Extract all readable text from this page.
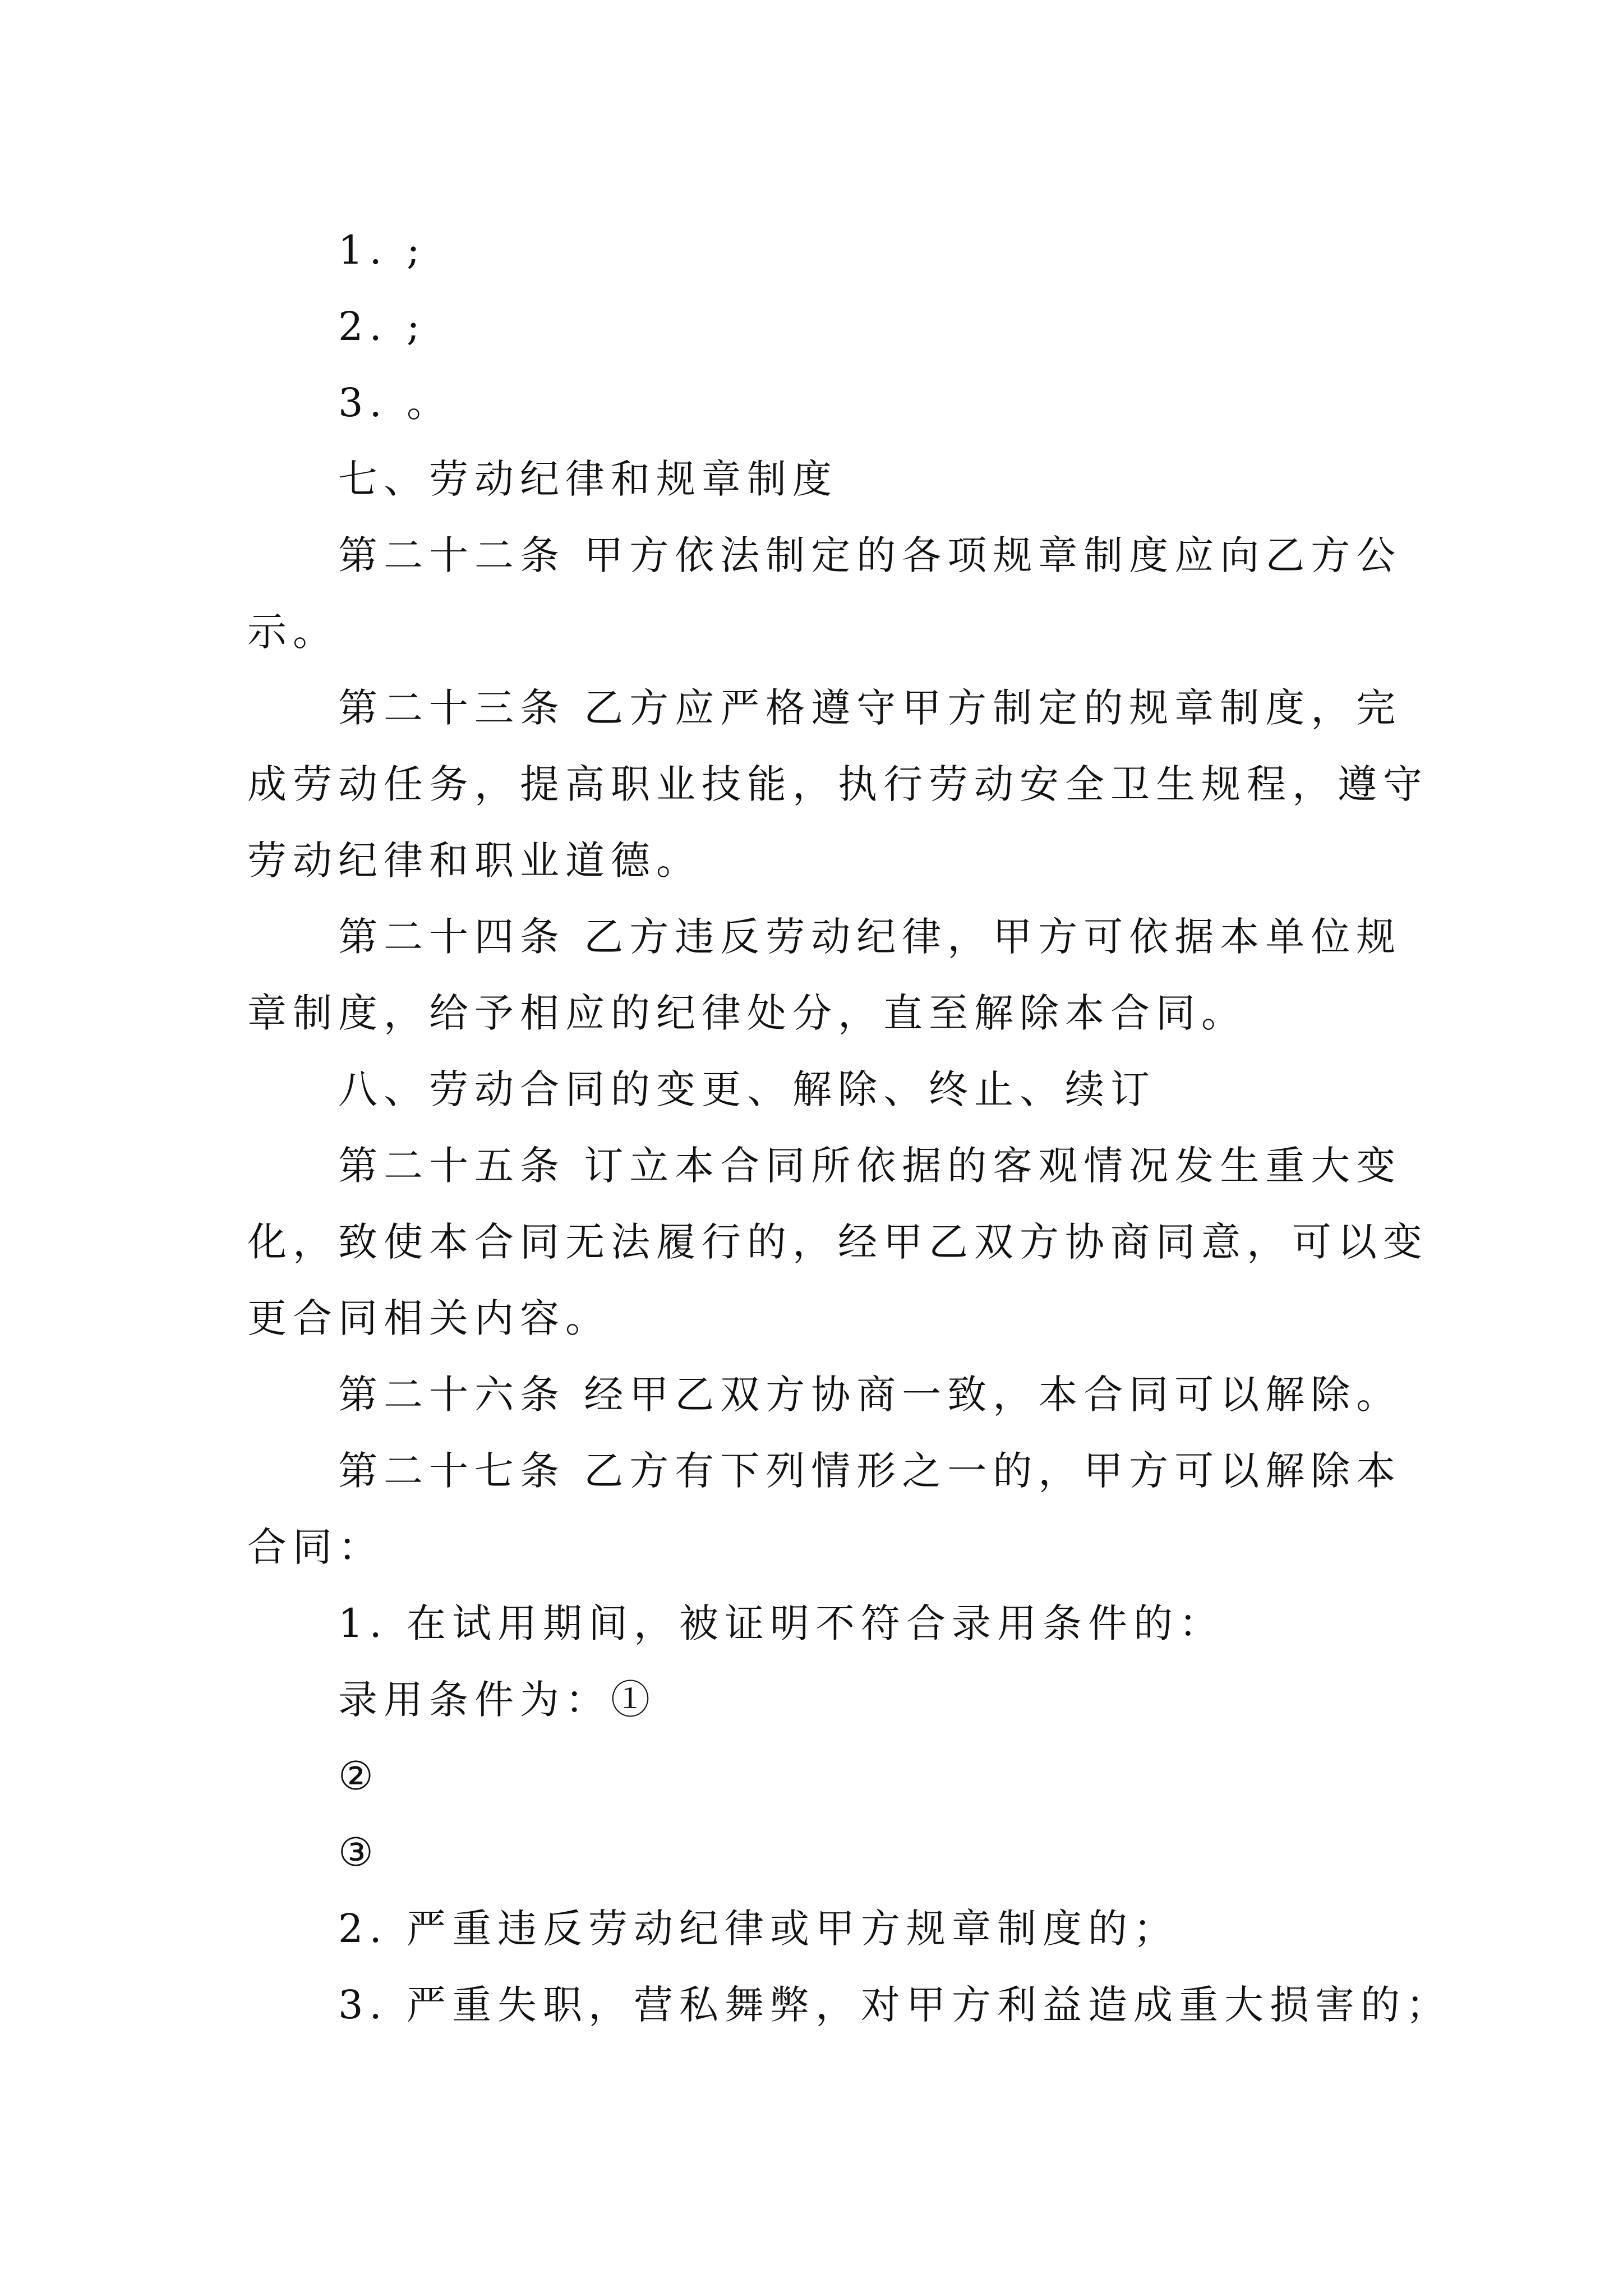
1. ;
2. ;
3. 。
七、劳动纪律和规章制度
第二十二条 甲方依法制定的各项规章制度应向乙方公
示。
第二十三条 乙方应严格遵守甲方制定的规章制度，完
成劳动任务，提高职业技能，执行劳动安全卫生规程，遵守
劳动纪律和职业道德。
第二十四条 乙方违反劳动纪律，甲方可依据本单位规
章制度，给予相应的纪律处分，直至解除本合同。
八、劳动合同的变更、解除、终止、续订
第二十五条 订立本合同所依据的客观情况发生重大变
化，致使本合同无法履行的，经甲乙双方协商同意，可以变
更合同相关内容。
第二十六条 经甲乙双方协商一致，本合同可以解除。
第二十七条 乙方有下列情形之一的，甲方可以解除本
合同：
1. 在试用期间，被证明不符合录用条件的：
录用条件为：①
②
③
2. 严重违反劳动纪律或甲方规章制度的；
3. 严重失职，营私舞弊，对甲方利益造成重大损害的；
